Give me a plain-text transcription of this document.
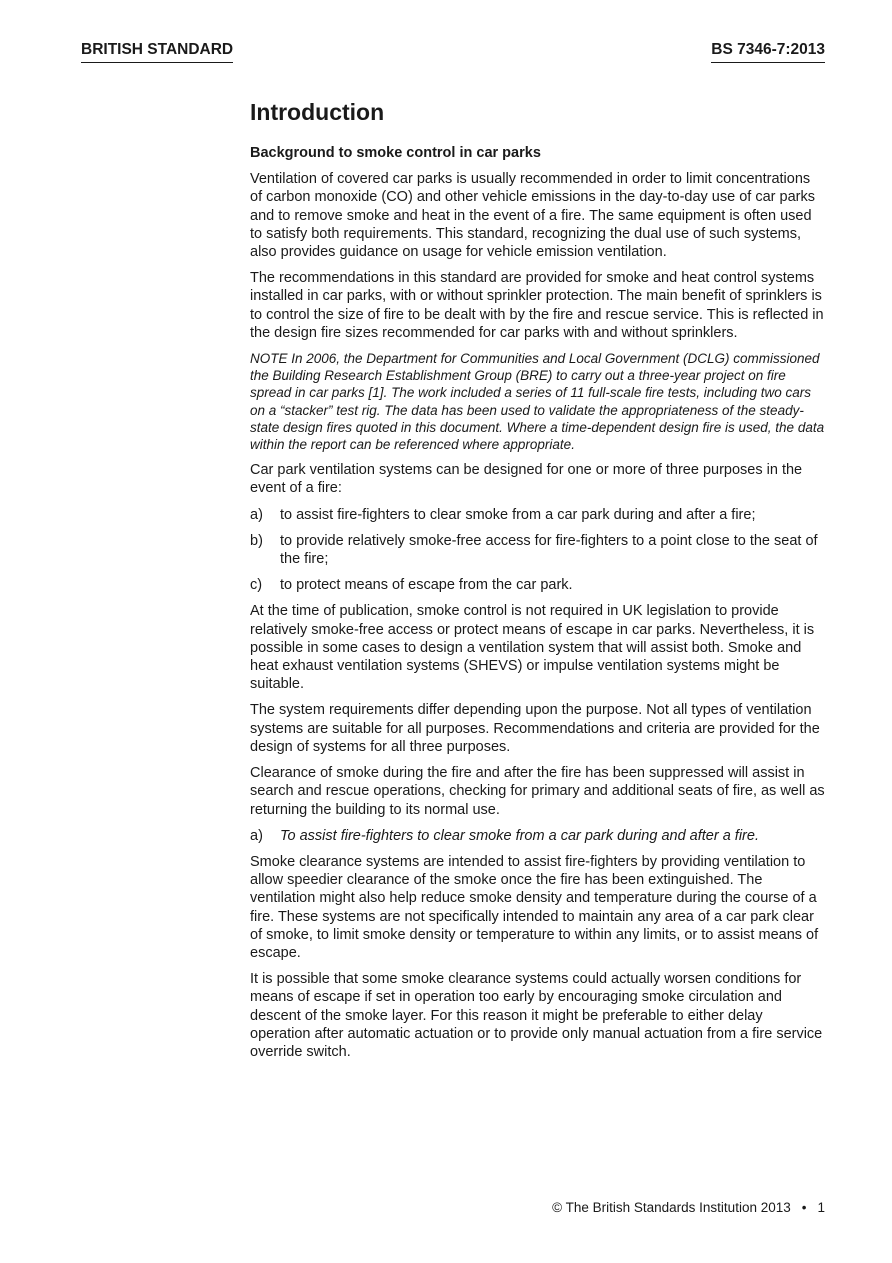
BRITISH STANDARD	BS 7346-7:2013
Introduction
Background to smoke control in car parks

Ventilation of covered car parks is usually recommended in order to limit concentrations of carbon monoxide (CO) and other vehicle emissions in the day-to-day use of car parks and to remove smoke and heat in the event of a fire. The same equipment is often used to satisfy both requirements. This standard, recognizing the dual use of such systems, also provides guidance on usage for vehicle emission ventilation.

The recommendations in this standard are provided for smoke and heat control systems installed in car parks, with or without sprinkler protection. The main benefit of sprinklers is to control the size of fire to be dealt with by the fire and rescue service. This is reflected in the design fire sizes recommended for car parks with and without sprinklers.

NOTE In 2006, the Department for Communities and Local Government (DCLG) commissioned the Building Research Establishment Group (BRE) to carry out a three-year project on fire spread in car parks [1]. The work included a series of 11 full-scale fire tests, including two cars on a “stacker” test rig. The data has been used to validate the appropriateness of the steady-state design fires quoted in this document. Where a time-dependent design fire is used, the data within the report can be referenced where appropriate.

Car park ventilation systems can be designed for one or more of three purposes in the event of a fire:

a)	to assist fire-fighters to clear smoke from a car park during and after a fire;
b)	to provide relatively smoke-free access for fire-fighters to a point close to the seat of the fire;
c)	to protect means of escape from the car park.

At the time of publication, smoke control is not required in UK legislation to provide relatively smoke-free access or protect means of escape in car parks. Nevertheless, it is possible in some cases to design a ventilation system that will assist both. Smoke and heat exhaust ventilation systems (SHEVS) or impulse ventilation systems might be suitable.

The system requirements differ depending upon the purpose. Not all types of ventilation systems are suitable for all purposes. Recommendations and criteria are provided for the design of systems for all three purposes.

Clearance of smoke during the fire and after the fire has been suppressed will assist in search and rescue operations, checking for primary and additional seats of fire, as well as returning the building to its normal use.

a)	To assist fire-fighters to clear smoke from a car park during and after a fire.

Smoke clearance systems are intended to assist fire-fighters by providing ventilation to allow speedier clearance of the smoke once the fire has been extinguished. The ventilation might also help reduce smoke density and temperature during the course of a fire. These systems are not specifically intended to maintain any area of a car park clear of smoke, to limit smoke density or temperature to within any limits, or to assist means of escape.

It is possible that some smoke clearance systems could actually worsen conditions for means of escape if set in operation too early by encouraging smoke circulation and descent of the smoke layer. For this reason it might be preferable to either delay operation after automatic actuation or to provide only manual actuation from a fire service override switch.

© The British Standards Institution 2013 • 1
